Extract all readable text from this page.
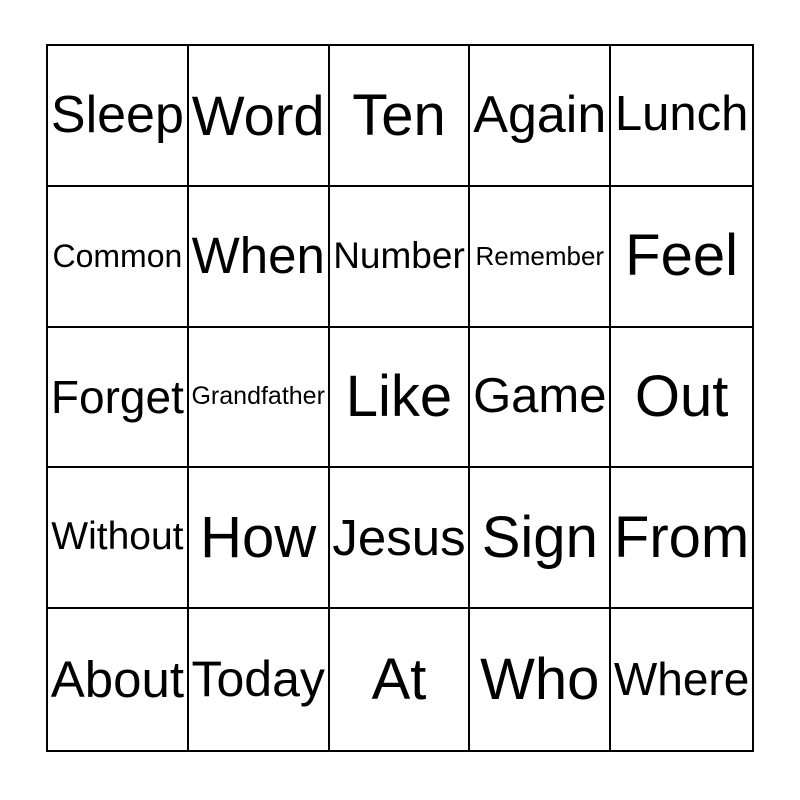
Sleep Word Ten Again Lunch
Common When Number Remember Feel
Forget Grandfather Like Game Out
Without How Jesus Sign From
About Today At Who Where
